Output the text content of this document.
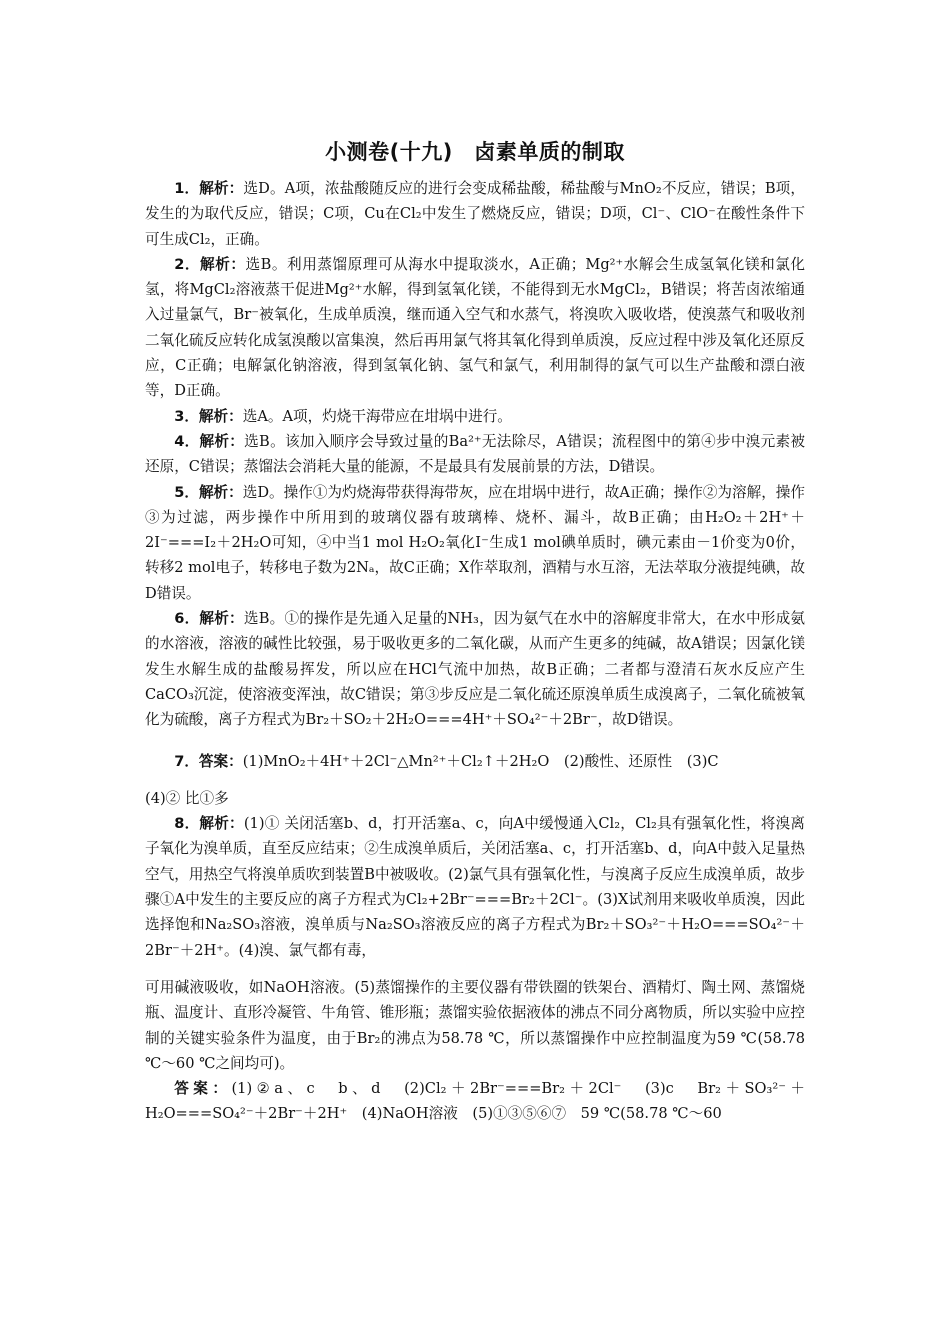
小测卷(十九)　卤素单质的制取

1．解析：选D。A项，浓盐酸随反应的进行会变成稀盐酸，稀盐酸与MnO₂不反应，错误；B项，发生的为取代反应，错误；C项，Cu在Cl₂中发生了燃烧反应，错误；D项，Cl⁻、ClO⁻在酸性条件下可生成Cl₂，正确。

2．解析：选B。利用蒸馏原理可从海水中提取淡水，A正确；Mg²⁺水解会生成氢氧化镁和氯化氢，将MgCl₂溶液蒸干促进Mg²⁺水解，得到氢氧化镁，不能得到无水MgCl₂，B错误；将苦卤浓缩通入过量氯气，Br⁻被氧化，生成单质溴，继而通入空气和水蒸气，将溴吹入吸收塔，使溴蒸气和吸收剂二氧化硫反应转化成氢溴酸以富集溴，然后再用氯气将其氧化得到单质溴，反应过程中涉及氧化还原反应，C正确；电解氯化钠溶液，得到氢氧化钠、氢气和氯气，利用制得的氯气可以生产盐酸和漂白液等，D正确。

3．解析：选A。A项，灼烧干海带应在坩埚中进行。

4．解析：选B。该加入顺序会导致过量的Ba²⁺无法除尽，A错误；流程图中的第④步中溴元素被还原，C错误；蒸馏法会消耗大量的能源，不是最具有发展前景的方法，D错误。

5．解析：选D。操作①为灼烧海带获得海带灰，应在坩埚中进行，故A正确；操作②为溶解，操作③为过滤，两步操作中所用到的玻璃仪器有玻璃棒、烧杯、漏斗，故B正确；由H₂O₂＋2H⁺＋2I⁻===I₂＋2H₂O可知，④中当1 mol H₂O₂氧化I⁻生成1 mol碘单质时，碘元素由－1价变为0价，转移2 mol电子，转移电子数为2Nₐ，故C正确；X作萃取剂，酒精与水互溶，无法萃取分液提纯碘，故D错误。

6．解析：选B。①的操作是先通入足量的NH₃，因为氨气在水中的溶解度非常大，在水中形成氨的水溶液，溶液的碱性比较强，易于吸收更多的二氧化碳，从而产生更多的纯碱，故A错误；因氯化镁发生水解生成的盐酸易挥发，所以应在HCl气流中加热，故B正确；二者都与澄清石灰水反应产生CaCO₃沉淀，使溶液变浑浊，故C错误；第③步反应是二氧化硫还原溴单质生成溴离子，二氧化硫被氧化为硫酸，离子方程式为Br₂＋SO₂＋2H₂O===4H⁺＋SO₄²⁻＋2Br⁻，故D错误。

7．答案：(1)MnO₂＋4H⁺＋2Cl⁻△Mn²⁺＋Cl₂↑＋2H₂O　(2)酸性、还原性　(3)C

(4)② 比①多

8．解析：(1)① 关闭活塞b、d，打开活塞a、c，向A中缓慢通入Cl₂，Cl₂具有强氧化性，将溴离子氧化为溴单质，直至反应结束；②生成溴单质后，关闭活塞a、c，打开活塞b、d，向A中鼓入足量热空气，用热空气将溴单质吹到装置B中被吸收。(2)氯气具有强氧化性，与溴离子反应生成溴单质，故步骤①A中发生的主要反应的离子方程式为Cl₂+2Br⁻===Br₂＋2Cl⁻。(3)X试剂用来吸收单质溴，因此选择饱和Na₂SO₃溶液，溴单质与Na₂SO₃溶液反应的离子方程式为Br₂＋SO₃²⁻＋H₂O===SO₄²⁻＋2Br⁻＋2H⁺。(4)溴、氯气都有毒，

可用碱液吸收，如NaOH溶液。(5)蒸馏操作的主要仪器有带铁圈的铁架台、酒精灯、陶土网、蒸馏烧瓶、温度计、直形冷凝管、牛角管、锥形瓶；蒸馏实验依据液体的沸点不同分离物质，所以实验中应控制的关键实验条件为温度，由于Br₂的沸点为58.78 ℃，所以蒸馏操作中应控制温度为59 ℃(58.78 ℃～60 ℃之间均可)。

答案：(1)②a、c　b、d　(2)Cl₂＋2Br⁻===Br₂＋2Cl⁻　(3)c　Br₂＋SO₃²⁻＋H₂O===SO₄²⁻＋2Br⁻＋2H⁺　(4)NaOH溶液　(5)①③⑤⑥⑦　59 ℃(58.78 ℃～60
